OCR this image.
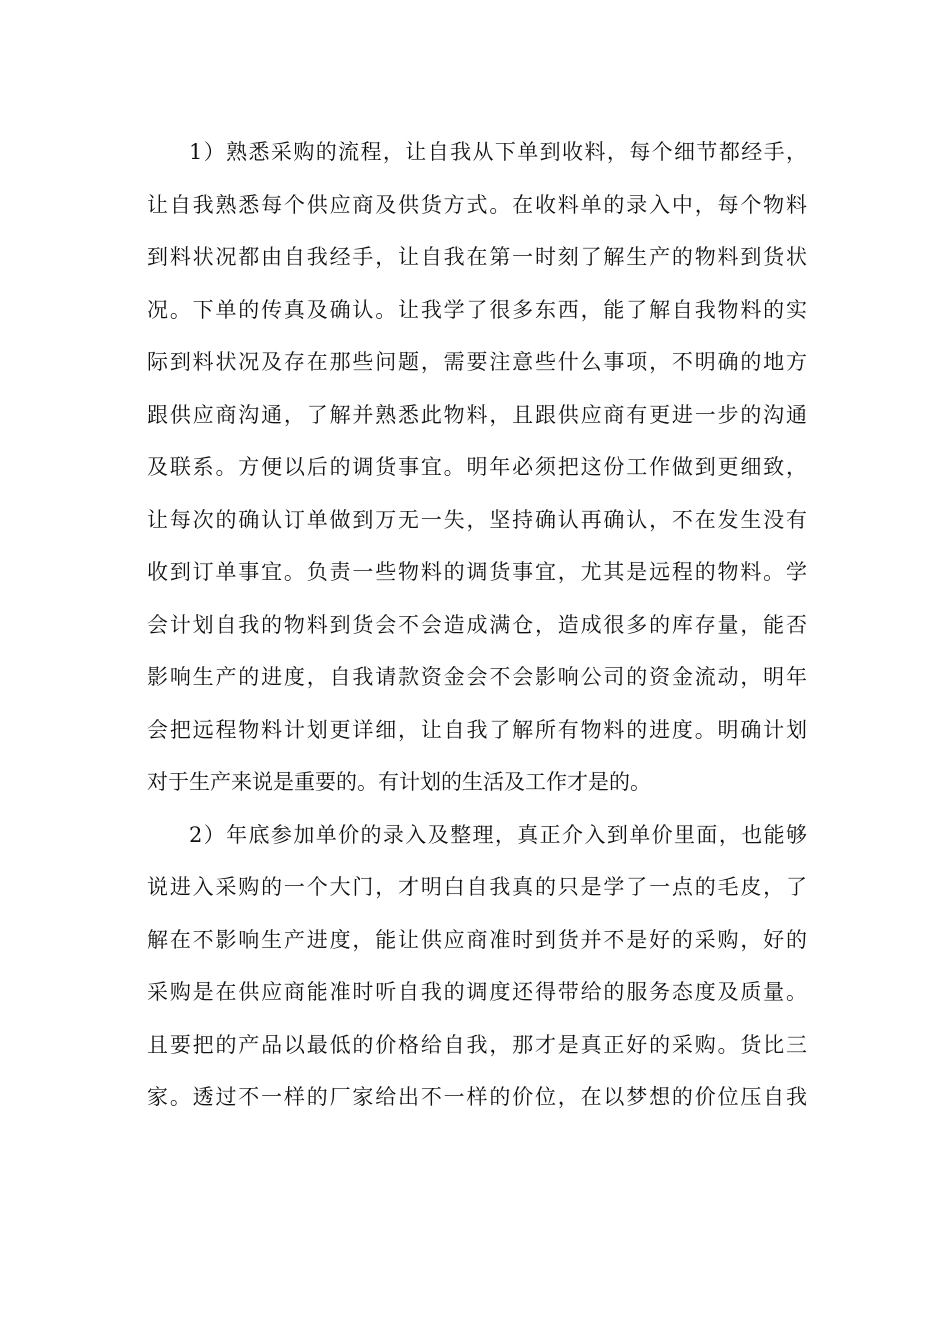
1）熟悉采购的流程，让自我从下单到收料，每个细节都经手，
让自我熟悉每个供应商及供货方式。在收料单的录入中，每个物料
到料状况都由自我经手，让自我在第一时刻了解生产的物料到货状
况。下单的传真及确认。让我学了很多东西，能了解自我物料的实
际到料状况及存在那些问题，需要注意些什么事项，不明确的地方
跟供应商沟通，了解并熟悉此物料，且跟供应商有更进一步的沟通
及联系。方便以后的调货事宜。明年必须把这份工作做到更细致，
让每次的确认订单做到万无一失，坚持确认再确认，不在发生没有
收到订单事宜。负责一些物料的调货事宜，尤其是远程的物料。学
会计划自我的物料到货会不会造成满仓，造成很多的库存量，能否
影响生产的进度，自我请款资金会不会影响公司的资金流动，明年
会把远程物料计划更详细，让自我了解所有物料的进度。明确计划
对于生产来说是重要的。有计划的生活及工作才是的。
2）年底参加单价的录入及整理，真正介入到单价里面，也能够
说进入采购的一个大门，才明白自我真的只是学了一点的毛皮，了
解在不影响生产进度，能让供应商准时到货并不是好的采购，好的
采购是在供应商能准时听自我的调度还得带给的服务态度及质量。
且要把的产品以最低的价格给自我，那才是真正好的采购。货比三
家。透过不一样的厂家给出不一样的价位，在以梦想的价位压自我
